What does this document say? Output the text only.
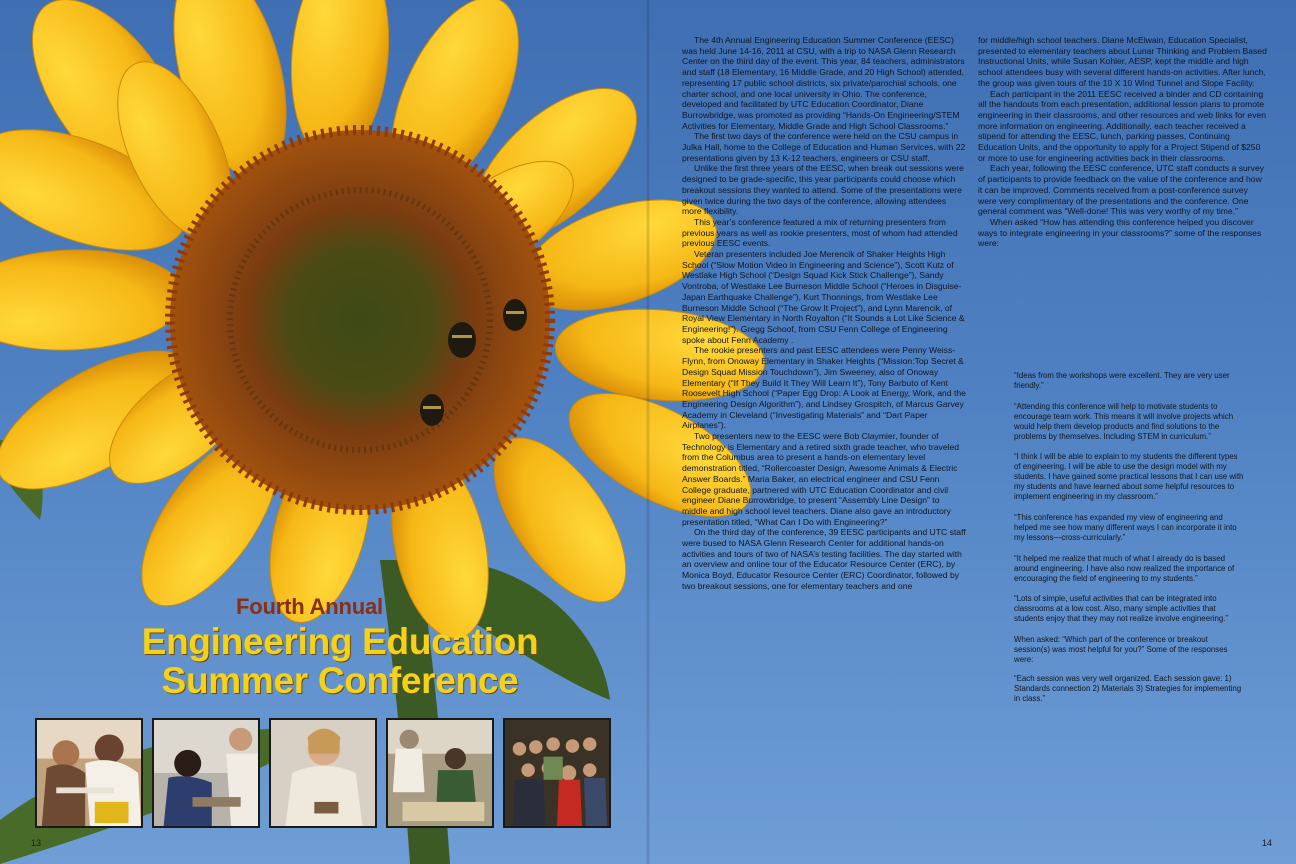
Fourth Annual
Engineering Education
Summer Conference

The 4th Annual Engineering Education Summer Conference (EESC) was held June 14-16, 2011 at CSU, with a trip to NASA Glenn Research Center on the third day of the event. This year, 84 teachers, administrators and staff (18 Elementary, 16 Middle Grade, and 20 High School) attended, representing 17 public school districts, six private/parochial schools, one charter school, and one local university in Ohio. The conference, developed and facilitated by UTC Education Coordinator, Diane Burrowbridge, was promoted as providing “Hands-On Engineering/STEM Activities for Elementary, Middle Grade and High School Classrooms.”

The first two days of the conference were held on the CSU campus in Julka Hall, home to the College of Education and Human Services, with 22 presentations given by 13 K-12 teachers, engineers or CSU staff.

Unlike the first three years of the EESC, when break out sessions were designed to be grade-specific, this year participants could choose which breakout sessions they wanted to attend. Some of the presentations were given twice during the two days of the conference, allowing attendees more flexibility.

This year’s conference featured a mix of returning presenters from previous years as well as rookie presenters, most of whom had attended previous EESC events.

Veteran presenters included Joe Merencik of Shaker Heights High School (“Slow Motion Video in Engineering and Science”), Scott Kutz of Westlake High School (“Design Squad Kick Stick Challenge”), Sandy Vontroba, of Westlake Lee Burneson Middle School (“Heroes in Disguise-Japan Earthquake Challenge”), Kurt Thonnings, from Westlake Lee Burneson Middle School (“The Grow It Project”), and Lynn Marencik, of Royal View Elementary in North Royalton (“It Sounds a Lot Like Science & Engineering!”). Gregg Schoof, from CSU Fenn College of Engineering spoke about Fenn Academy .

The rookie presenters and past EESC attendees were Penny Weiss-Flynn, from Onoway Elementary in Shaker Heights (“Mission:Top Secret & Design Squad Mission Touchdown”), Jim Sweeney, also of Onoway Elementary (“If They Build It They Will Learn It”), Tony Barbuto of Kent Roosevelt High School (“Paper Egg Drop: A Look at Energy, Work, and the Engineering Design Algorithm”), and Lindsey Grospitch, of Marcus Garvey Academy in Cleveland (“Investigating Materials” and “Dart Paper Airplanes”).

Two presenters new to the EESC were Bob Claymier, founder of Technology is Elementary and a retired sixth grade teacher, who traveled from the Columbus area to present a hands-on elementary level demonstration titled, “Rollercoaster Design, Awesome Animals & Electric Answer Boards.” Maria Baker, an electrical engineer and CSU Fenn College graduate, partnered with UTC Education Coordinator and civil engineer Diane Burrowbridge, to present “Assembly Line Design” to middle and high school level teachers. Diane also gave an introductory presentation titled, “What Can I Do with Engineering?”

On the third day of the conference, 39 EESC participants and UTC staff were bused to NASA Glenn Research Center for additional hands-on activities and tours of two of NASA’s testing facilities. The day started with an overview and online tour of the Educator Resource Center (ERC), by Monica Boyd, Educator Resource Center (ERC) Coordinator, followed by two breakout sessions, one for elementary teachers and one

for middle/high school teachers. Diane McElwain, Education Specialist, presented to elementary teachers about Lunar Thinking and Problem Based Instructional Units, while Susan Kohler, AESP, kept the middle and high school attendees busy with several different hands-on activities. After lunch, the group was given tours of the 10 X 10 Wind Tunnel and Slope Facility.

Each participant in the 2011 EESC received a binder and CD containing all the handouts from each presentation, additional lesson plans to promote engineering in their classrooms, and other resources and web links for even more information on engineering. Additionally, each teacher received a stipend for attending the EESC, lunch, parking passes, Continuing Education Units, and the opportunity to apply for a Project Stipend of $250 or more to use for engineering activities back in their classrooms.

Each year, following the EESC conference, UTC staff conducts a survey of participants to provide feedback on the value of the conference and how it can be improved. Comments received from a post-conference survey were very complimentary of the presentations and the conference. One general comment was “Well-done! This was very worthy of my time.”

When asked “How has attending this conference helped you discover ways to integrate engineering in your classrooms?” some of the responses were:

“Ideas from the workshops were excellent. They are very user friendly.”

“Attending this conference will help to motivate students to encourage team work. This means it will involve projects which would help them develop products and find solutions to the problems by themselves. Including STEM in curriculum.”

“I think I will be able to explain to my students the different types of engineering. I will be able to use the design model with my students. I have gained some practical lessons that I can use with my students and have learned about some helpful resources to implement engineering in my classroom.”

“This conference has expanded my view of engineering and helped me see how many different ways I can incorporate it into my lessons—cross-curricularly.”

“It helped me realize that much of what I already do is based around engineering. I have also now realized the importance of encouraging the field of engineering to my students.”

“Lots of simple, useful activities that can be integrated into classrooms at a low cost. Also, many simple activities that students enjoy that they may not realize involve engineering.”

When asked: “Which part of the conference or breakout session(s) was most helpful for you?” Some of the responses were:

“Each session was very well organized. Each session gave: 1) Standards connection 2) Materials 3) Strategies for implementing in class.”

13	14
